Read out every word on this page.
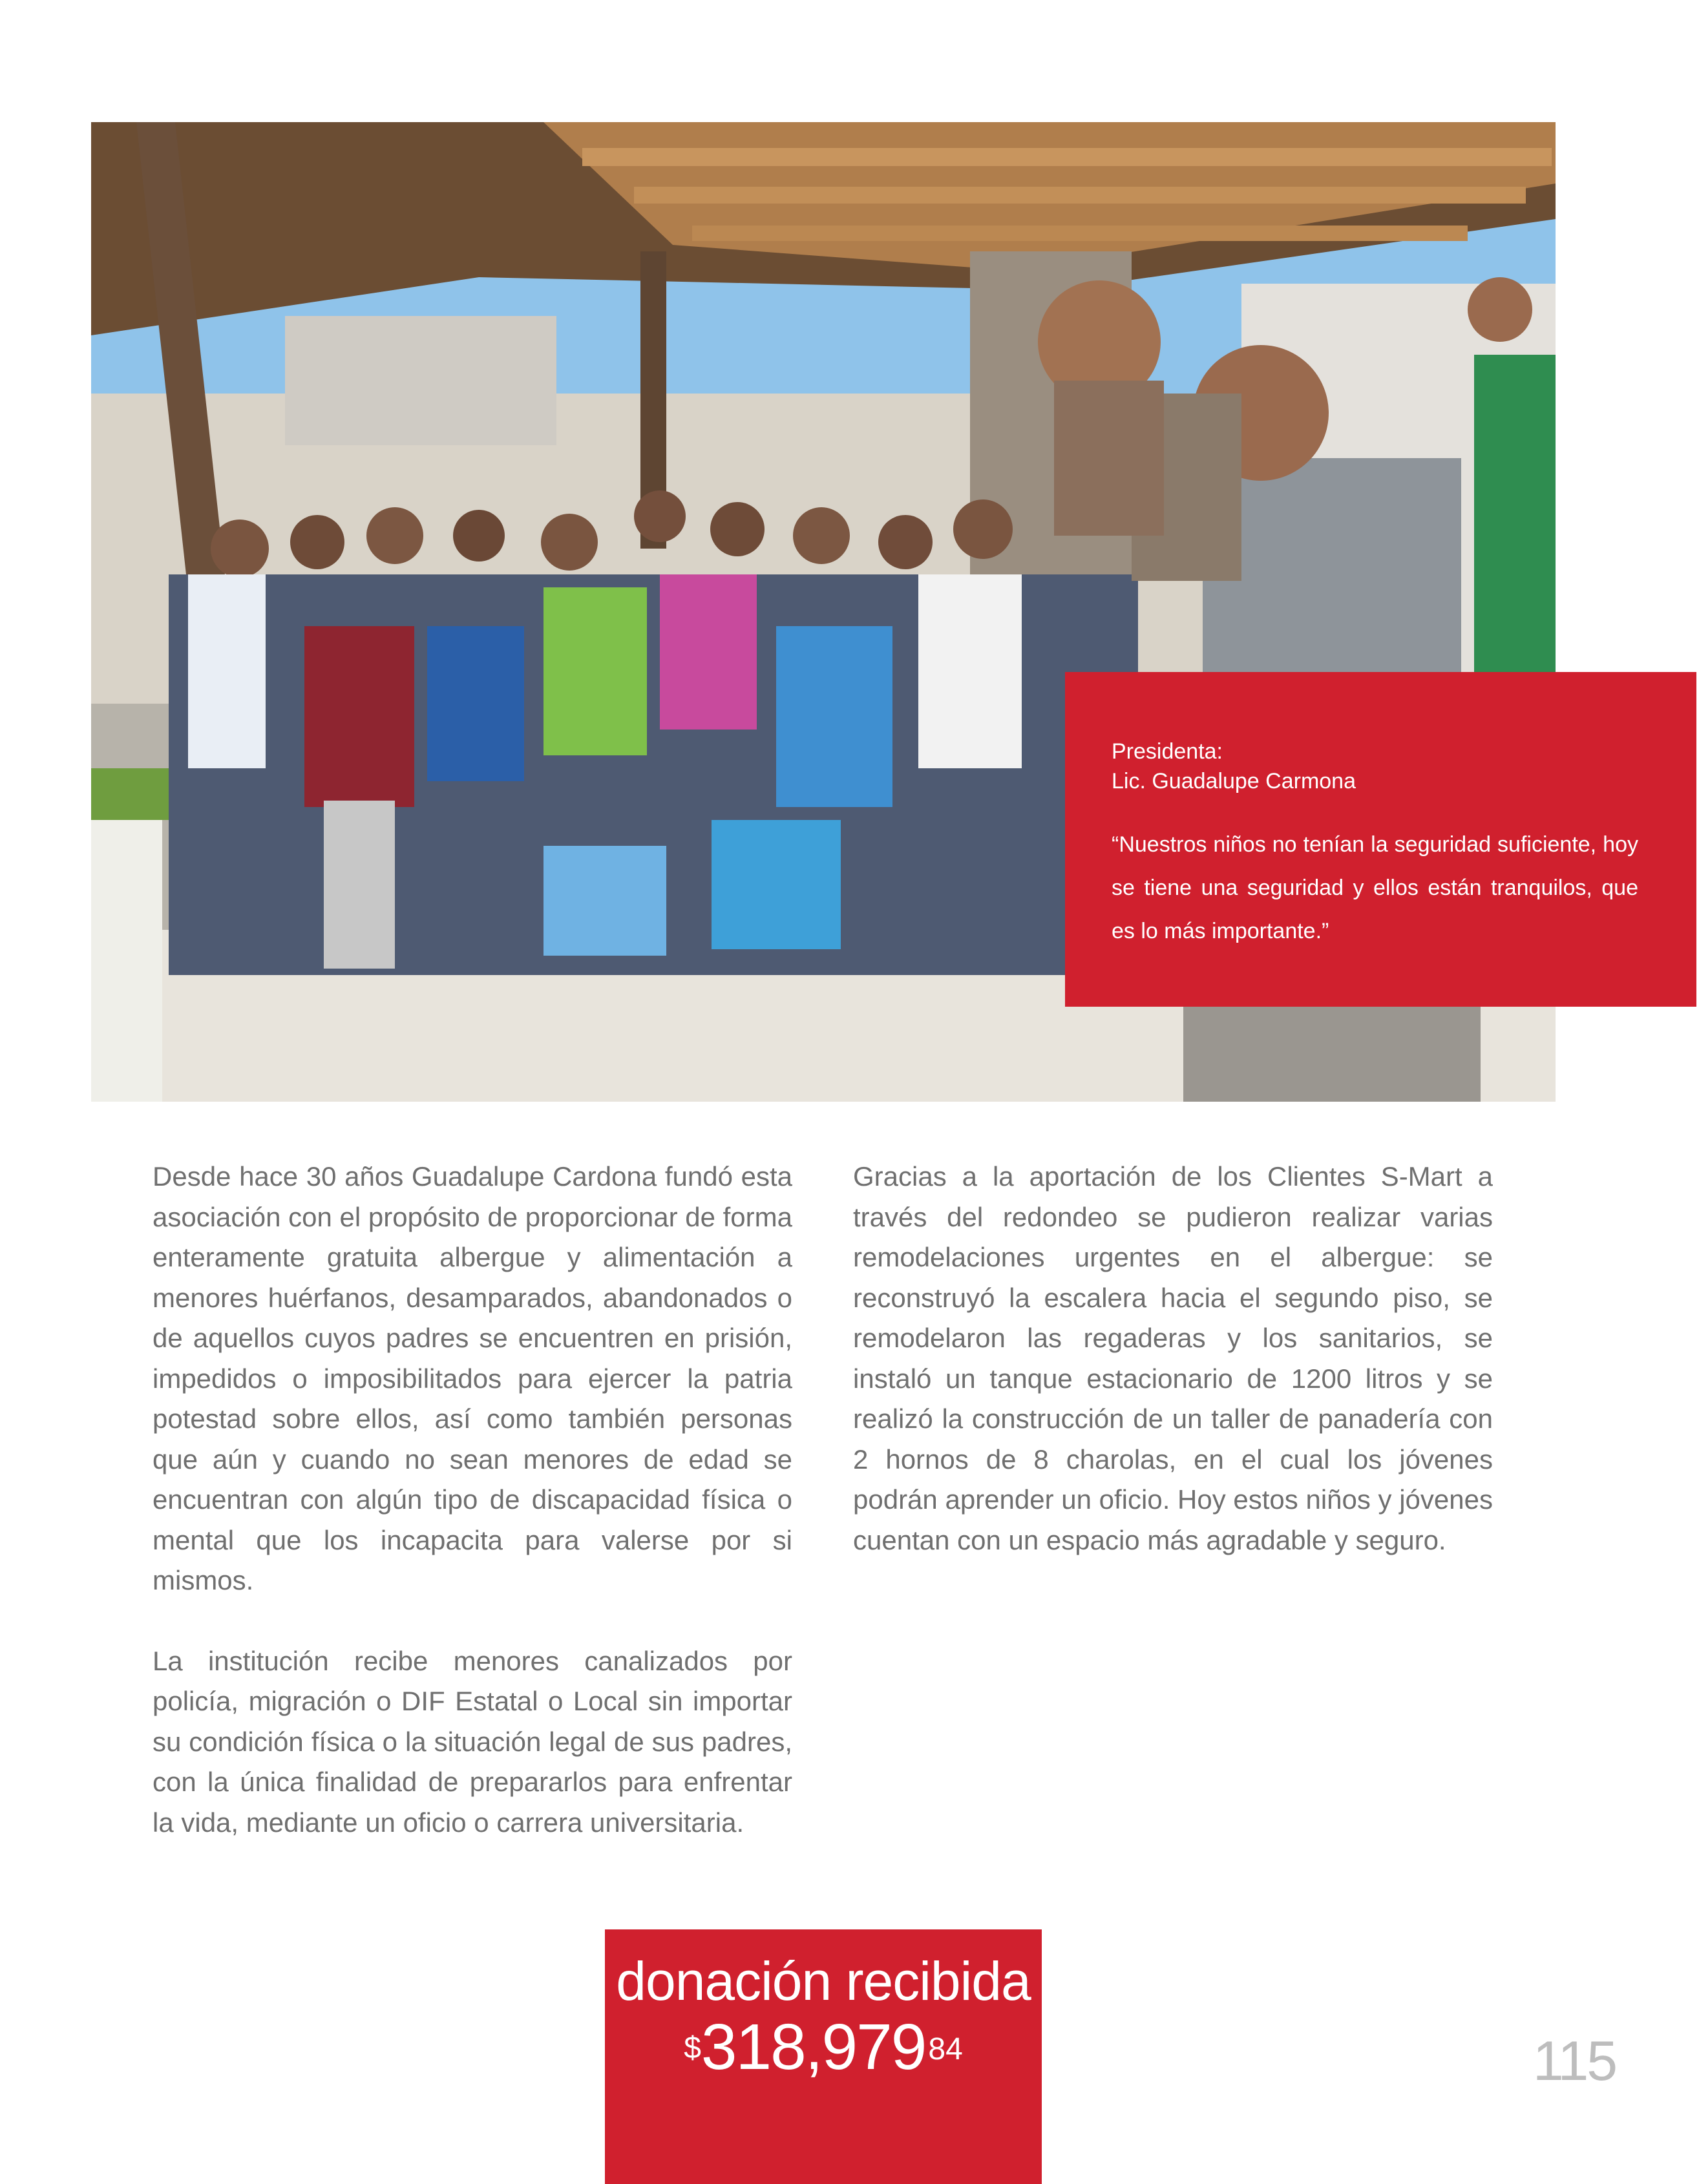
Presidenta:
Lic. Guadalupe Carmona
“Nuestros niños no tenían la seguridad suficiente, hoy se tiene una seguridad y ellos están tranquilos, que es lo más importante.”

Desde hace 30 años Guadalupe Cardona fundó esta asociación con el propósito de proporcionar de forma enteramente gratuita albergue y alimentación a menores huérfanos, desamparados, abandonados o de aquellos cuyos padres se encuentren en prisión, impedidos o imposibilitados para ejercer la patria potestad sobre ellos, así como también personas que aún y cuando no sean menores de edad se encuentran con algún tipo de discapacidad física o mental que los incapacita para valerse por si mismos.

La institución recibe menores canalizados por policía, migración o DIF Estatal o Local sin importar su condición física o la situación legal de sus padres, con la única finalidad de prepararlos para enfrentar la vida, mediante un oficio o carrera universitaria.

Gracias a la aportación de los Clientes S-Mart a través del redondeo se pudieron realizar varias remodelaciones urgentes en el albergue: se reconstruyó la escalera hacia el segundo piso, se remodelaron las regaderas y los sanitarios, se instaló un tanque estacionario de 1200 litros y se realizó la construcción de un taller de panadería con 2 hornos de 8 charolas, en el cual los jóvenes podrán aprender un oficio. Hoy estos niños y jóvenes cuentan con un espacio más agradable y seguro.

donación recibida
$318,97984	115
